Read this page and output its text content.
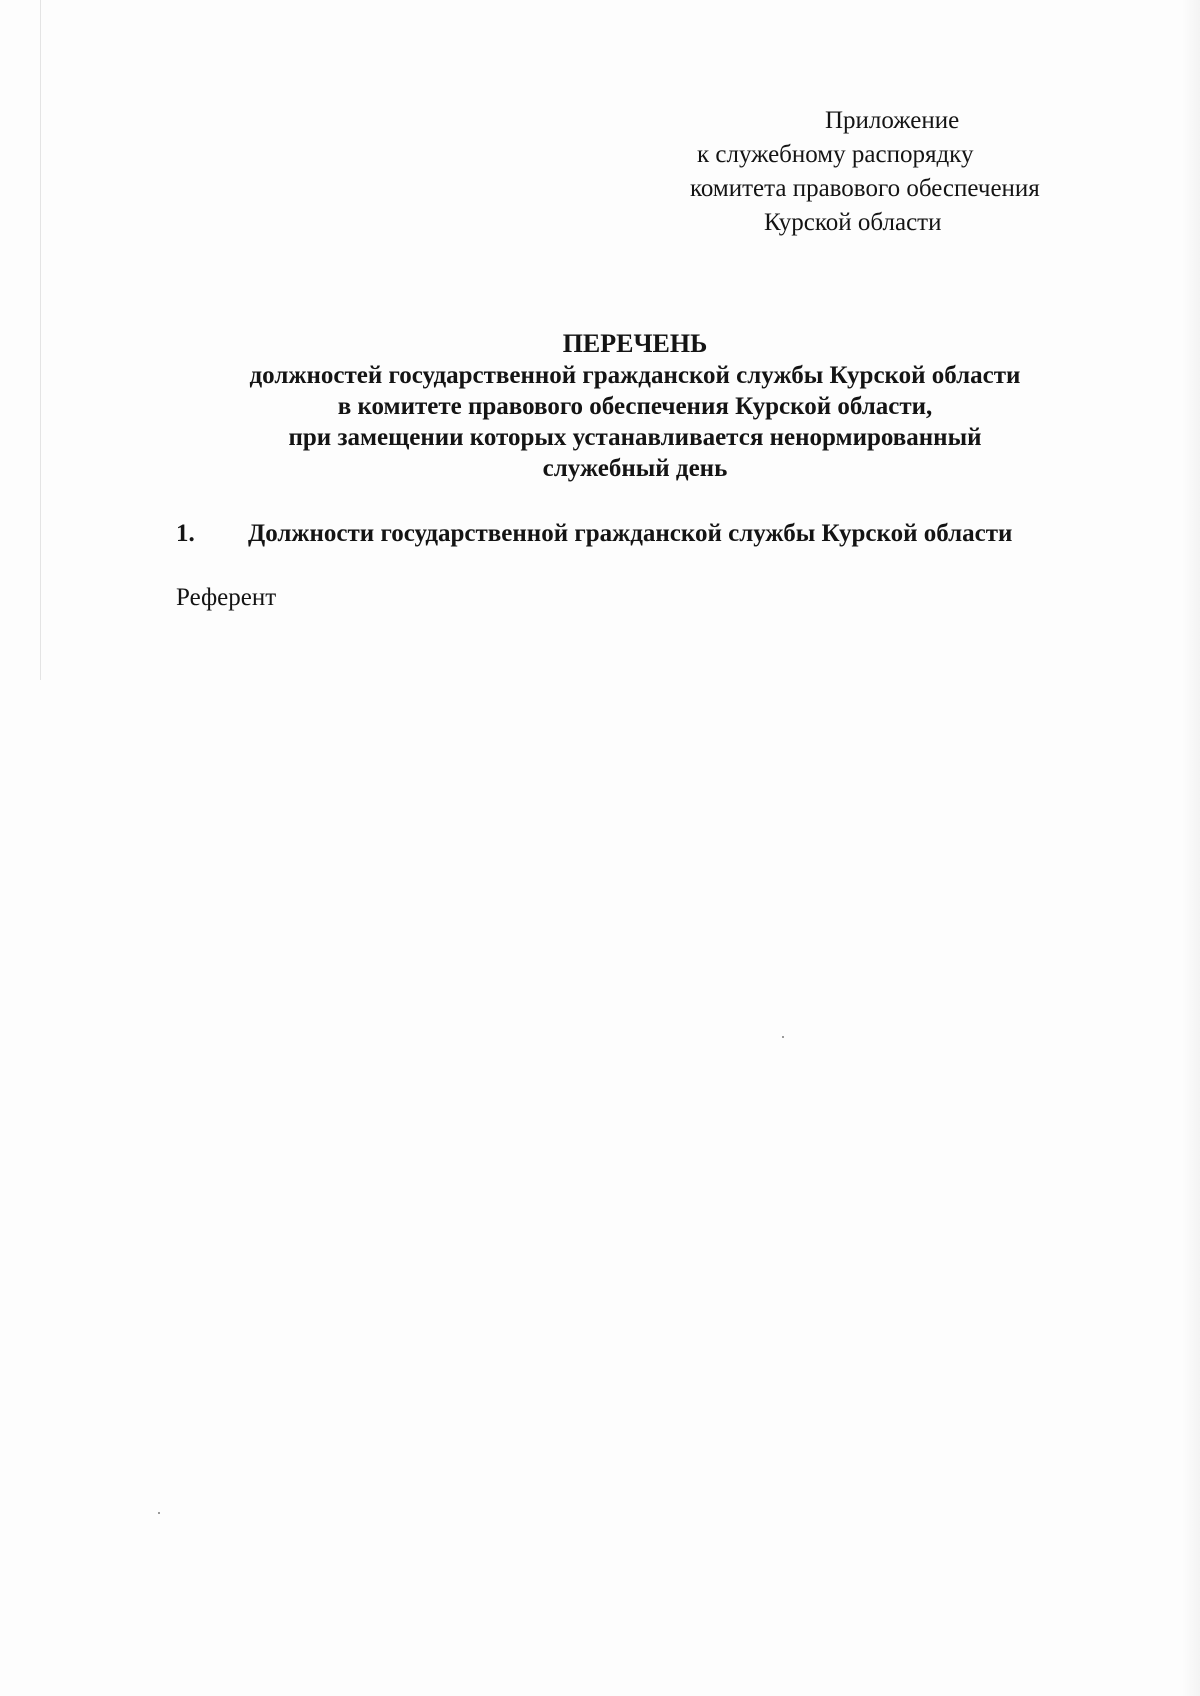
Приложение
к служебному распорядку
комитета правового обеспечения
Курской области
ПЕРЕЧЕНЬ
должностей государственной гражданской службы Курской области
в комитете правового обеспечения Курской области,
при замещении которых устанавливается ненормированный
служебный день
1. Должности государственной гражданской службы Курской области
Референт
